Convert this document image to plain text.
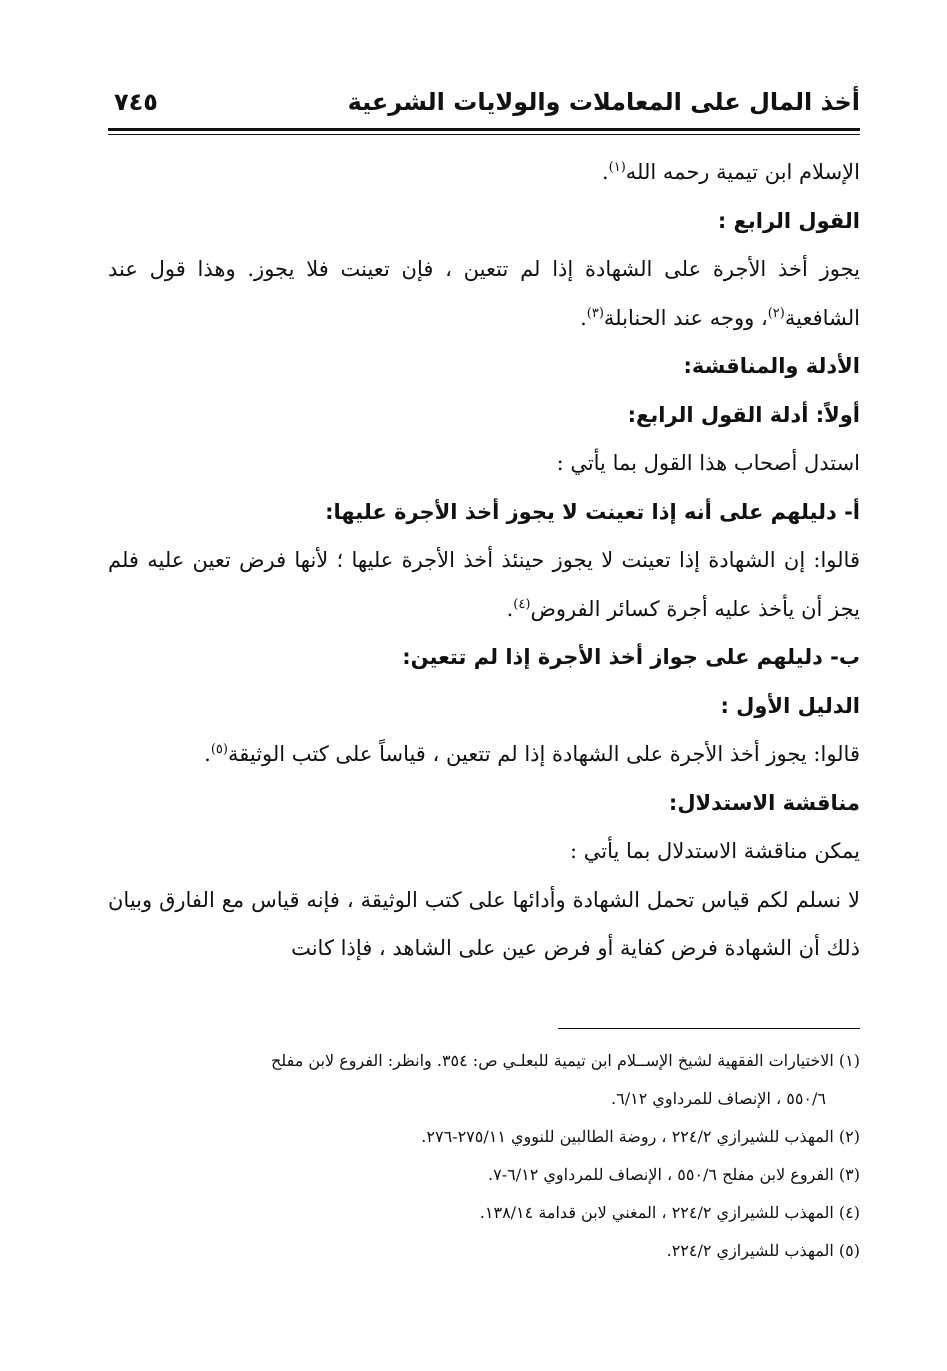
أخذ المال على المعاملات والولايات الشرعية
٧٤٥

الإسلام ابن تيمية رحمه الله$^{(١)}$.

القول الرابع :

يجوز أخذ الأجرة على الشهادة إذا لم تتعين ، فإن تعينت فلا يجوز. وهذا قول عند الشافعية$^{(٢)}$، ووجه عند الحنابلة$^{(٣)}$.

الأدلة والمناقشة:

أولاً: أدلة القول الرابع:

استدل أصحاب هذا القول بما يأتي :

أ- دليلهم على أنه إذا تعينت لا يجوز أخذ الأجرة عليها:

قالوا: إن الشهادة إذا تعينت لا يجوز حينئذ أخذ الأجرة عليها ؛ لأنها فرض تعين عليه فلم يجز أن يأخذ عليه أجرة كسائر الفروض$^{(٤)}$.

ب- دليلهم على جواز أخذ الأجرة إذا لم تتعين:

الدليل الأول :

قالوا: يجوز أخذ الأجرة على الشهادة إذا لم تتعين ، قياساً على كتب الوثيقة$^{(٥)}$.

مناقشة الاستدلال:

يمكن مناقشة الاستدلال بما يأتي :

لا نسلم لكم قياس تحمل الشهادة وأدائها على كتب الوثيقة ، فإنه قياس مع الفارق وبيان ذلك أن الشهادة فرض كفاية أو فرض عين على الشاهد ، فإذا كانت

(١) الاختيارات الفقهية لشيخ الإســلام ابن تيمية للبعلـي ص: ٣٥٤. وانظر: الفروع لابن مفلح

٥٥٠/٦ ، الإنصاف للمرداوي ٦/١٢.

(٢) المهذب للشيرازي ٢٢٤/٢ ، روضة الطالبين للنووي ٢٧٥/١١-٢٧٦.

(٣) الفروع لابن مفلح ٥٥٠/٦ ، الإنصاف للمرداوي ٦/١٢-٧.

(٤) المهذب للشيرازي ٢٢٤/٢ ، المغني لابن قدامة ١٣٨/١٤.

(٥) المهذب للشيرازي ٢٢٤/٢.
